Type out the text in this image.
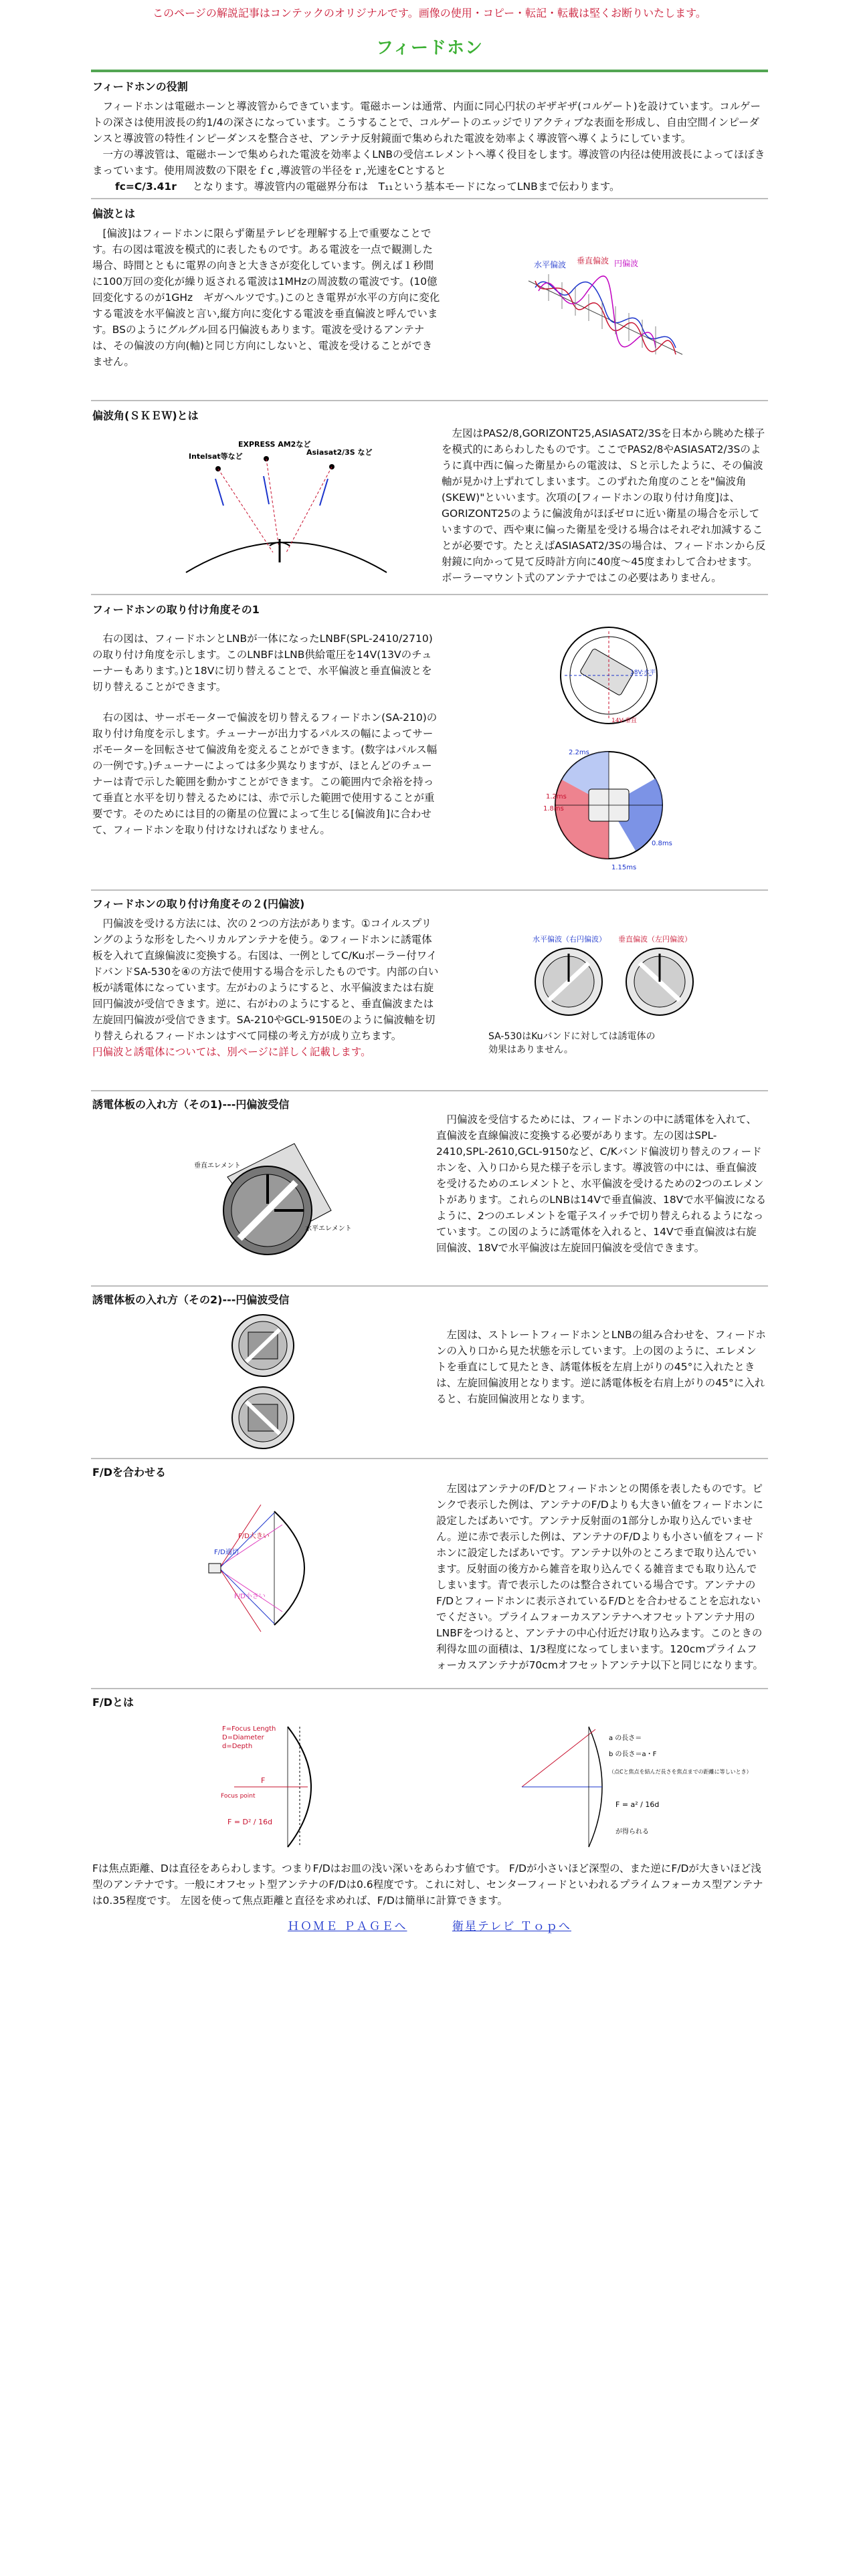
このページの解説記事はコンテックのオリジナルです。画像の使用・コピー・転記・転載は堅くお断りいたします。
フィードホン
フィードホンの役割

　フィードホンは電磁ホーンと導波管からできています。電磁ホーンは通常、内面に同心円状のギザギザ(コルゲート)を設けています。コルゲートの深さは使用波長の約1/4の深さになっています。こうすることで、コルゲートのエッジでリアクティブな表面を形成し、自由空間インピーダンスと導波管の特性インピーダンスを整合させ、アンテナ反射鏡面で集められた電波を効率よく導波管へ導くようにしています。

　一方の導波管は、電磁ホーンで集められた電波を効率よくLNBの受信エレメントへ導く役目をします。導波管の内径は使用波長によってほぼきまっています。使用周波数の下限をｆc ,導波管の半径をｒ,光速をCとすると

fc=C/3.41r となります。導波管内の電磁界分布は　T₁₁という基本モードになってLNBまで伝わります。

偏波とは

　[偏波]はフィードホンに限らず衛星テレビを理解する上で重要なことです。右の図は電波を模式的に表したものです。ある電波を一点で観測した場合、時間とともに電界の向きと大きさが変化しています。例えば１秒間に100万回の変化が繰り返される電波は1MHzの周波数の電波です。(10億回変化するのが1GHz　ギガヘルツです。)このとき電界が水平の方向に変化する電波を水平偏波と言い,縦方向に変化する電波を垂直偏波と呼んでいます。BSのようにグルグル回る円偏波もあります。電波を受けるアンテナは、その偏波の方向(軸)と同じ方向にしないと、電波を受けることができません。

水平偏波 垂直偏波 円偏波
偏波角(ＳＫＥＷ)とは
Intelsat等など
EXPRESS AM2など
Asiasat2/3S など
　左図はPAS2/8,GORIZONT25,ASIASAT2/3Sを日本から眺めた様子を模式的にあらわしたものです。ここでPAS2/8やASIASAT2/3Sのように真中西に偏った衛星からの電波は、Ｓと示したように、その偏波軸が見かけ上ずれてしまいます。このずれた角度のことを"偏波角(SKEW)"といいます。次項の[フィードホンの取り付け角度]は、GORIZONT25のように偏波角がほぼゼロに近い衛星の場合を示していますので、西や東に偏った衛星を受ける場合はそれぞれ加減することが必要です。たとえばASIASAT2/3Sの場合は、フィードホンから反射鏡に向かって見て反時計方向に40度〜45度まわして合わせます。ボーラーマウント式のアンテナではこの必要はありません。
フィードホンの取り付け角度その1

　右の図は、フィードホンとLNBが一体になったLNBF(SPL-2410/2710)の取り付け角度を示します。このLNBFはLNB供給電圧を14V(13Vのチューナーもあります。)と18Vに切り替えることで、水平偏波と垂直偏波とを切り替えることができます。

　右の図は、サーボモーターで偏波を切り替えるフィードホン(SA-210)の取り付け角度を示します。チューナーが出力するパルスの幅によってサーボモーターを回転させて偏波角を変えることができます。(数字はパルス幅の一例です。)チューナーによっては多少異なりますが、ほとんどのチューナーは青で示した範囲を動かすことができます。この範囲内で余裕を持って垂直と水平を切り替えるためには、赤で示した範囲で使用することが重要です。そのためには目的の衛星の位置によって生じる[偏波角]に合わせて、フィードホンを取り付けなければなりません。

18V:水平
14V:垂直
2.2ms
1.8ms
0.8ms
1.15ms
1.2ms
フィードホンの取り付け角度その２(円偏波)

　円偏波を受ける方法には、次の２つの方法があります。①コイルスプリングのような形をしたヘリカルアンテナを使う。②フィードホンに誘電体板を入れて直線偏波に変換する。右図は、一例としてC/Kuボーラー付ワイドバンドSA-530を④の方法で使用する場合を示したものです。内部の白い板が誘電体になっています。左がわのようにすると、水平偏波または右旋回円偏波が受信できます。逆に、右がわのようにすると、垂直偏波または左旋回円偏波が受信できます。SA-210やGCL-9150Eのように偏波軸を切り替えられるフィードホンはすべて同様の考え方が成り立ちます。

円偏波と誘電体については、別ページに詳しく記載します。

水平偏波（右円偏波） 垂直偏波（左円偏波）
SA-530はKuバンドに対しては誘電体の効果はありません。
誘電体板の入れ方（その1)---円偏波受信
垂直エレメント
水平エレメント
　円偏波を受信するためには、フィードホンの中に誘電体を入れて、直偏波を直線偏波に変換する必要があります。左の図はSPL-2410,SPL-2610,GCL-9150など、C/Kバンド偏波切り替えのフィードホンを、入り口から見た様子を示します。導波管の中には、垂直偏波を受けるためのエレメントと、水平偏波を受けるための2つのエレメントがあります。これらのLNBは14Vで垂直偏波、18Vで水平偏波になるように、2つのエレメントを電子スイッチで切り替えられるようになっています。この図のように誘電体を入れると、14Vで垂直偏波は右旋回偏波、18Vで水平偏波は左旋回円偏波を受信できます。
誘電体板の入れ方（その2)---円偏波受信
　左図は、ストレートフィードホンとLNBの組み合わせを、フィードホンの入り口から見た状態を示しています。上の図のように、エレメントを垂直にして見たとき、誘電体板を左肩上がりの45°に入れたときは、左旋回偏波用となります。逆に誘電体板を右肩上がりの45°に入れると、右旋回偏波用となります。
F/Dを合わせる
F/D大きい
F/D適切
F/D小さい
　左図はアンテナのF/Dとフィードホンとの関係を表したものです。ピンクで表示した例は、アンテナのF/Dよりも大きい値をフィードホンに設定したばあいです。アンテナ反射面の1部分しか取り込んでいません。逆に赤で表示した例は、アンテナのF/Dよりも小さい値をフィードホンに設定したばあいです。アンテナ以外のところまで取り込んでいます。反射面の後方から雑音を取り込んでくる雑音までも取り込んでしまいます。青で表示したのは整合されている場合です。アンテナのF/Dとフィードホンに表示されているF/Dとを合わせることを忘れないでください。プライムフォーカスアンテナへオフセットアンテナ用のLNBFをつけると、アンテナの中心付近だけ取り込みます。このときの利得な皿の面積は、1/3程度になってしまいます。120cmプライムフォーカスアンテナが70cmオフセットアンテナ以下と同じになります。
F/Dとは
F=Focus Length
D=Diameter
d=Depth
F
Focus point
F = D² / 16d
a の長さ＝
b の長さ＝a・F
（点Cと焦点を結んだ長さを焦点までの距離に等しいとき）
F = a² / 16d
が得られる
Fは焦点距離、Dは直径をあらわします。つまりF/Dはお皿の浅い深いをあらわす値です。 F/Dが小さいほど深型の、また逆にF/Dが大きいほど浅型のアンテナです。一般にオフセット型アンテナのF/Dは0.6程度です。これに対し、センターフィードといわれるプライムフォーカス型アンテナは0.35程度です。 左図を使って焦点距離と直径を求めれば、F/Dは簡単に計算できます。
ＨＯＭＥ ＰＡＧＥへ	衛星テレビ Ｔｏｐへ
